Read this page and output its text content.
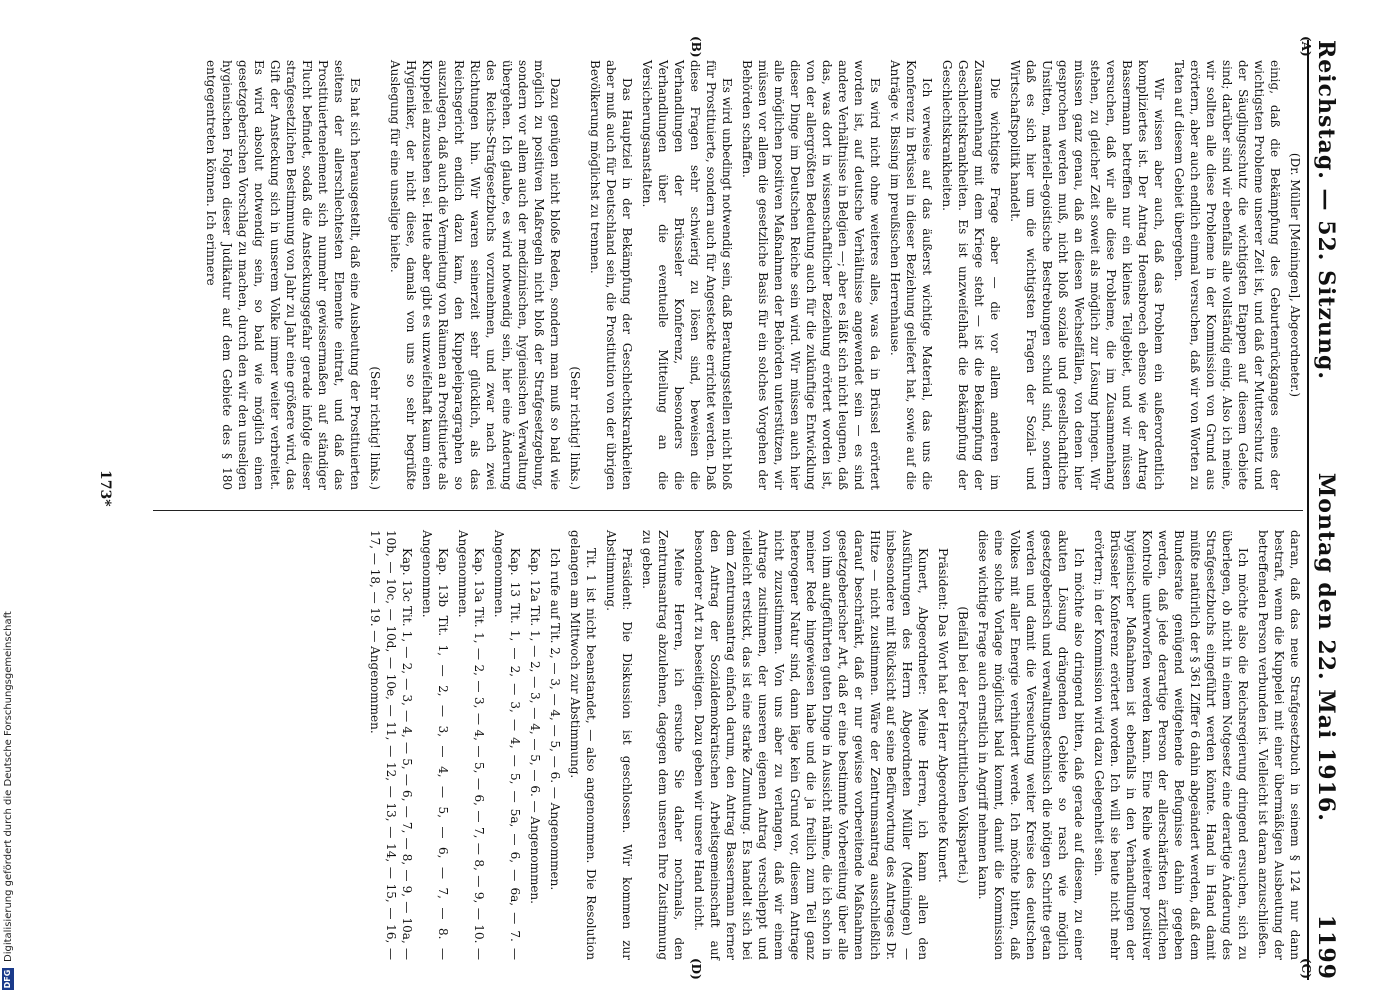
Reichstag. — 52. Sitzung.
Montag den 22. Mai 1916.
1199
(A)
(B)
(C)
(D)

(Dr. Müller [Meiningen], Abgeordneter.)

einig, daß die Bekämpfung des Geburtenrückganges eines der wichtigsten Probleme unserer Zeit ist, und daß der Mutterschutz und der Säuglingsschutz die wichtigsten Etappen auf diesem Gebiete sind; darüber sind wir ebenfalls alle vollständig einig. Also ich meine, wir sollten alle diese Probleme in der Kommission von Grund aus erörtern, aber auch endlich einmal versuchen, daß wir von Worten zu Taten auf diesem Gebiet übergehen.

Wir wissen aber auch, daß das Problem ein außerordentlich kompliziertes ist. Der Antrag Hoensbroech ebenso wie der Antrag Bassermann betreffen nur ein kleines Teilgebiet, und wir müssen versuchen, daß wir alle diese Probleme, die im Zusammenhang stehen, zu gleicher Zeit soweit als möglich zur Lösung bringen. Wir müssen ganz genau, daß an diesen Wechselfällen, von denen hier gesprochen werden muß, nicht bloß soziale und gesellschaftliche Unsitten, materiell-egoistische Bestrebungen schuld sind, sondern daß es sich hier um die wichtigsten Fragen der Sozial- und Wirtschaftspolitik handelt.

Die wichtigste Frage aber — die vor allem anderen im Zusammenhang mit dem Kriege steht — ist die Bekämpfung der Geschlechtskrankheiten. Es ist unzweifelhaft die Bekämpfung der Geschlechtskrankheiten.

Ich verweise auf das äußerst wichtige Material, das uns die Konferenz in Brüssel in dieser Beziehung geliefert hat, sowie auf die Anträge v. Bissing im preußischen Herrenhause.

Es wird nicht ohne weiteres alles, was da in Brüssel erörtert worden ist, auf deutsche Verhältnisse angewendet sein — es sind andere Verhältnisse in Belgien —; aber es läßt sich nicht leugnen, daß das, was dort in wissenschaftlicher Beziehung erörtert worden ist, von der allergrößten Bedeutung auch für die zukünftige Entwicklung dieser Dinge im Deutschen Reiche sein wird. Wir müssen auch hier alle möglichen positiven Maßnahmen der Behörden unterstützen, wir müssen vor allem die gesetzliche Basis für ein solches Vorgehen der Behörden schaffen.

Es wird unbedingt notwendig sein, daß Beratungsstellen nicht bloß für Prostituierte, sondern auch für Angesteckte errichtet werden. Daß diese Fragen sehr schwierig zu lösen sind, beweisen die Verhandlungen der Brüsseler Konferenz, besonders die Verhandlungen über die eventuelle Mitteilung an die Versicherungsanstalten.

Das Hauptziel in der Bekämpfung der Geschlechtskrankheiten aber muß auch für Deutschland sein, die Prostitution von der übrigen Bevölkerung möglichst zu trennen.

(Sehr richtig! links.)

Dazu genügen nicht bloße Reden, sondern man muß so bald wie möglich zu positiven Maßregeln nicht bloß der Strafgesetzgebung, sondern vor allem auch der medizinischen, hygienischen Verwaltung übergehen. Ich glaube, es wird notwendig sein, hier eine Änderung des Reichs-Strafgesetzbuchs vorzunehmen, und zwar nach zwei Richtungen hin. Wir waren seinerzeit sehr glücklich, als das Reichsgericht endlich dazu kam, den Kuppeleiparagraphen so auszulegen, daß auch die Vermietung von Räumen an Prostituierte als Kuppelei anzusehen sei. Heute aber gibt es unzweifelhaft kaum einen Hygieniker, der nicht diese, damals von uns so sehr begrüßte Auslegung für eine unselige hielte.

(Sehr richtig! links.)

Es hat sich herausgestellt, daß eine Ausbeutung der Prostituierten seitens der allerschlechtesten Elemente eintrat, und daß das Prostituiertenelement sich nunmehr gewissermaßen auf ständiger Flucht befindet, sodaß die Ansteckungsgefahr gerade infolge dieser strafgesetzlichen Bestimmung von Jahr zu Jahr eine größere wird, das Gift der Ansteckung sich in unserem Volke immer weiter verbreitet. Es wird absolut notwendig sein, so bald wie möglich einen gesetzgeberischen Vorschlag zu machen, durch den wir den unseligen hygienischen Folgen dieser Judikatur auf dem Gebiete des § 180 entgegentreten können. Ich erinnere

daran, daß das neue Strafgesetzbuch in seinem § 124 nur dann bestraft, wenn die Kuppelei mit einer übermäßigen Ausbeutung der betreffenden Person verbunden ist. Vielleicht ist daran anzuschließen.

Ich möchte also die Reichsregierung dringend ersuchen, sich zu überlegen, ob nicht in einem Notgesetz eine derartige Änderung des Strafgesetzbuchs eingeführt werden könnte. Hand in Hand damit müßte natürlich der § 361 Ziffer 6 dahin abgeändert werden, daß dem Bundesrate genügend weitgehende Befugnisse dahin gegeben werden, daß jede derartige Person der allerschärfsten ärztlichen Kontrolle unterworfen werden kann. Eine Reihe weiterer positiver hygienischer Maßnahmen ist ebenfalls in den Verhandlungen der Brüsseler Konferenz erörtert worden. Ich will sie heute nicht mehr erörtern; in der Kommission wird dazu Gelegenheit sein.

Ich möchte also dringend bitten, daß gerade auf diesem, zu einer akuten Lösung drängenden Gebiete so rasch wie möglich gesetzgeberisch und verwaltungstechnisch die nötigen Schritte getan werden und damit die Verseuchung weiter Kreise des deutschen Volkes mit aller Energie verhindert werde. Ich möchte bitten, daß eine solche Vorlage möglichst bald kommt, damit die Kommission diese wichtige Frage auch ernstlich in Angriff nehmen kann.

(Beifall bei der Fortschrittlichen Volkspartei.)

Präsident: Das Wort hat der Herr Abgeordnete Kunert.

Kunert, Abgeordneter: Meine Herren, ich kann allen den Ausführungen des Herrn Abgeordneten Müller (Meiningen) — insbesondere mit Rücksicht auf seine Befürwortung des Antrages Dr. Hitze — nicht zustimmen. Wäre der Zentrumsantrag ausschließlich darauf beschränkt, daß er nur gewisse vorbereitende Maßnahmen gesetzgeberischer Art, daß er eine bestimmte Vorbereitung über alle von ihm aufgeführten guten Dinge in Aussicht nähme, die ich schon in meiner Rede hingewiesen habe und die ja freilich zum Teil ganz heterogener Natur sind, dann läge kein Grund vor, diesem Antrage nicht zuzustimmen. Von uns aber zu verlangen, daß wir einem Antrage zustimmen, der unseren eigenen Antrag verschleppt und vielleicht erstickt, das ist eine starke Zumutung. Es handelt sich bei dem Zentrumsantrag einfach darum, den Antrag Bassermann ferner den Antrag der Sozialdemokratischen Arbeitsgemeinschaft auf besonderer Art zu beseitigen. Dazu geben wir unsere Hand nicht.

Meine Herren, ich ersuche Sie daher nochmals, den Zentrumsantrag abzulehnen, dagegen dem unseren Ihre Zustimmung zu geben.

Präsident: Die Diskussion ist geschlossen. Wir kommen zur Abstimmung.

Tit. 1 ist nicht beanstandet, — also angenommen. Die Resolution gelangen am Mittwoch zur Abstimmung.

Ich rufe auf Tit. 2, — 3, — 4, — 5, — 6. — Angenommen.

Kap. 12a Tit. 1, — 2, — 3, — 4, — 5, — 6. — Angenommen.

Kap. 13 Tit. 1, — 2, — 3, — 4, — 5, — 5a, — 6, — 6a, — 7. — Angenommen.

Kap. 13a Tit. 1, — 2, — 3, — 4, — 5, — 6, — 7, — 8, — 9, — 10. — Angenommen.

Kap. 13b Tit. 1, — 2, — 3, — 4, — 5, — 6, — 7, — 8. — Angenommen.

Kap. 13c Tit. 1, — 2, — 3, — 4, — 5, — 6, — 7, — 8, — 9, — 10a, — 10b, — 10c, — 10d, — 10e, — 11, — 12, — 13, — 14, — 15, — 16, — 17, — 18, — 19. — Angenommen.

173*
DFG
Digitalisierung gefördert durch die Deutsche Forschungsgemeinschaft
